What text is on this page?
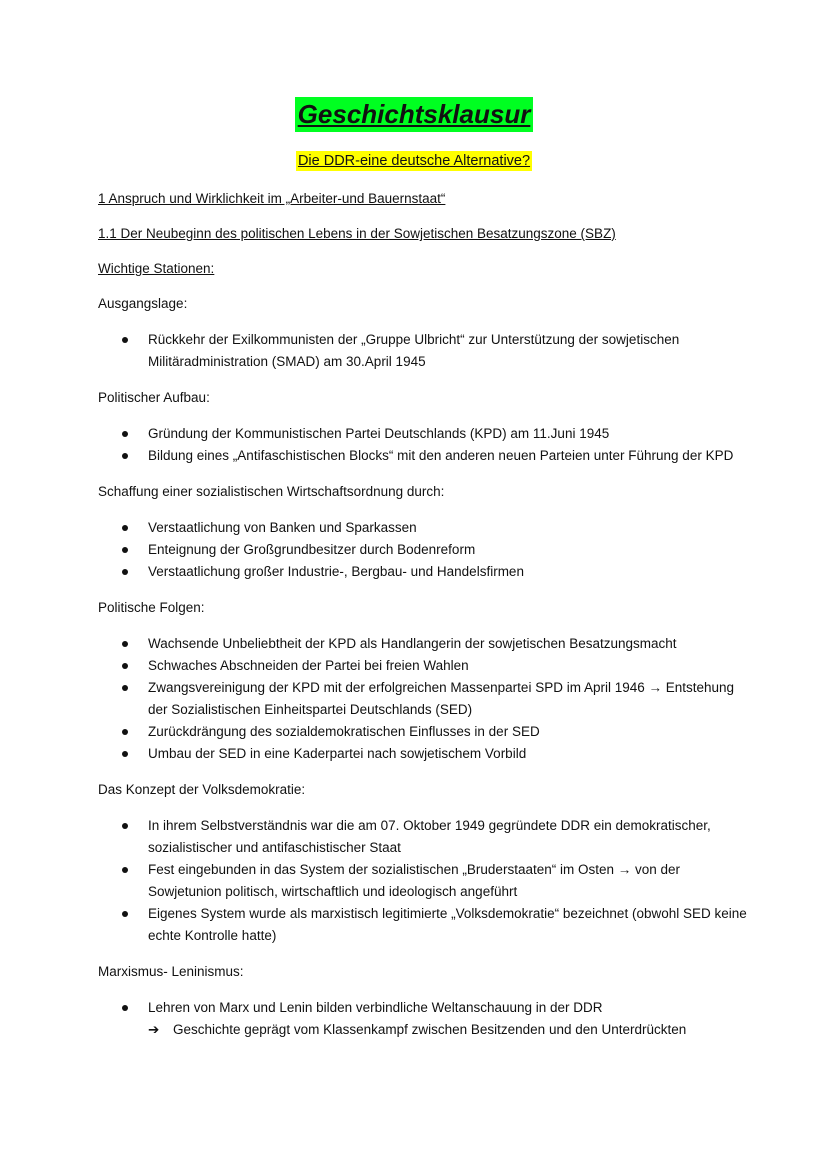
Geschichtsklausur
Die DDR-eine deutsche Alternative?

1 Anspruch und Wirklichkeit im „Arbeiter-und Bauernstaat“

1.1 Der Neubeginn des politischen Lebens in der Sowjetischen Besatzungszone (SBZ)

Wichtige Stationen:

Ausgangslage:

Rückkehr der Exilkommunisten der „Gruppe Ulbricht“ zur Unterstützung der sowjetischen Militäradministration (SMAD) am 30.April 1945

Politischer Aufbau:

Gründung der Kommunistischen Partei Deutschlands (KPD) am 11.Juni 1945
Bildung eines „Antifaschistischen Blocks“ mit den anderen neuen Parteien unter Führung der KPD

Schaffung einer sozialistischen Wirtschaftsordnung durch:

Verstaatlichung von Banken und Sparkassen
Enteignung der Großgrundbesitzer durch Bodenreform
Verstaatlichung großer Industrie-, Bergbau- und Handelsfirmen

Politische Folgen:

Wachsende Unbeliebtheit der KPD als Handlangerin der sowjetischen Besatzungsmacht
Schwaches Abschneiden der Partei bei freien Wahlen
Zwangsvereinigung der KPD mit der erfolgreichen Massenpartei SPD im April 1946 → Entstehung der Sozialistischen Einheitspartei Deutschlands (SED)
Zurückdrängung des sozialdemokratischen Einflusses in der SED
Umbau der SED in eine Kaderpartei nach sowjetischem Vorbild

Das Konzept der Volksdemokratie:

In ihrem Selbstverständnis war die am 07. Oktober 1949 gegründete DDR ein demokratischer, sozialistischer und antifaschistischer Staat
Fest eingebunden in das System der sozialistischen „Bruderstaaten“ im Osten → von der Sowjetunion politisch, wirtschaftlich und ideologisch angeführt
Eigenes System wurde als marxistisch legitimierte „Volksdemokratie“ bezeichnet (obwohl SED keine echte Kontrolle hatte)

Marxismus- Leninismus:

Lehren von Marx und Lenin bilden verbindliche Weltanschauung in der DDR
➔ Geschichte geprägt vom Klassenkampf zwischen Besitzenden und den Unterdrückten
